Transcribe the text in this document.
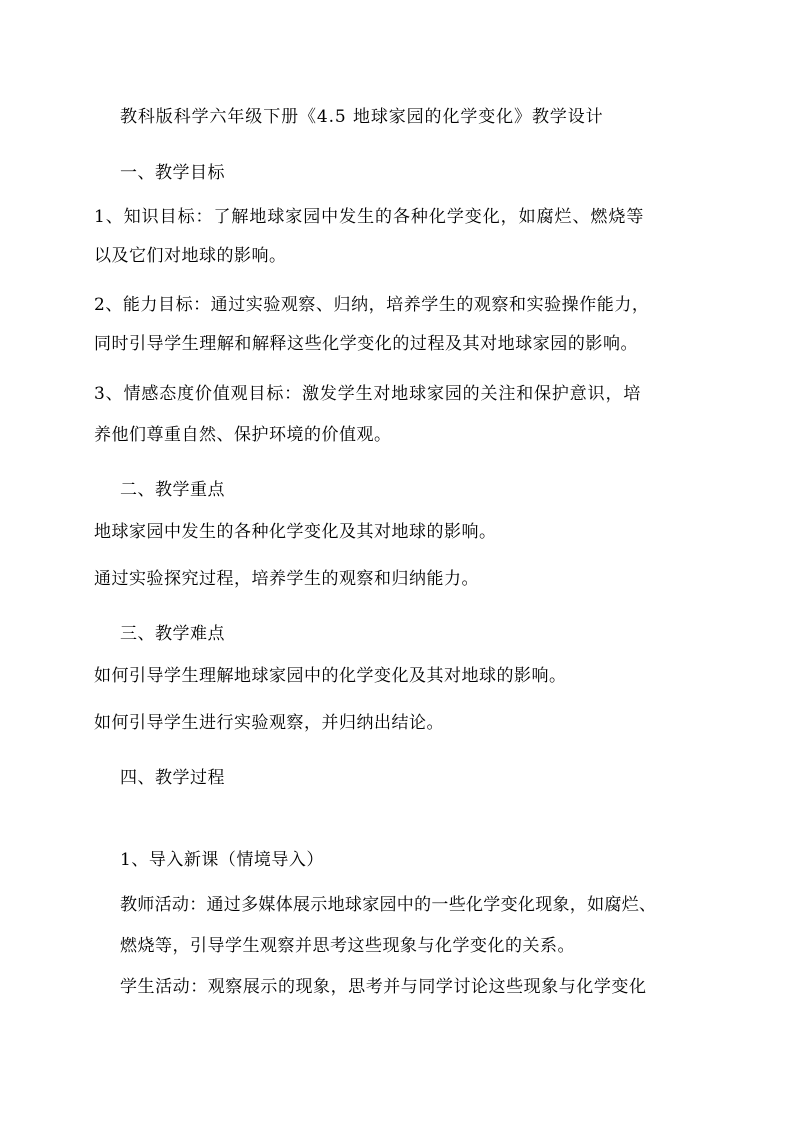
教科版科学六年级下册《4.5 地球家园的化学变化》教学设计
一、教学目标
1、知识目标：了解地球家园中发生的各种化学变化，如腐烂、燃烧等
以及它们对地球的影响。
2、能力目标：通过实验观察、归纳，培养学生的观察和实验操作能力，
同时引导学生理解和解释这些化学变化的过程及其对地球家园的影响。
3、情感态度价值观目标：激发学生对地球家园的关注和保护意识，培
养他们尊重自然、保护环境的价值观。
二、教学重点
地球家园中发生的各种化学变化及其对地球的影响。
通过实验探究过程，培养学生的观察和归纳能力。
三、教学难点
如何引导学生理解地球家园中的化学变化及其对地球的影响。
如何引导学生进行实验观察，并归纳出结论。
四、教学过程
1、导入新课（情境导入）
教师活动：通过多媒体展示地球家园中的一些化学变化现象，如腐烂、
燃烧等，引导学生观察并思考这些现象与化学变化的关系。
学生活动：观察展示的现象，思考并与同学讨论这些现象与化学变化
